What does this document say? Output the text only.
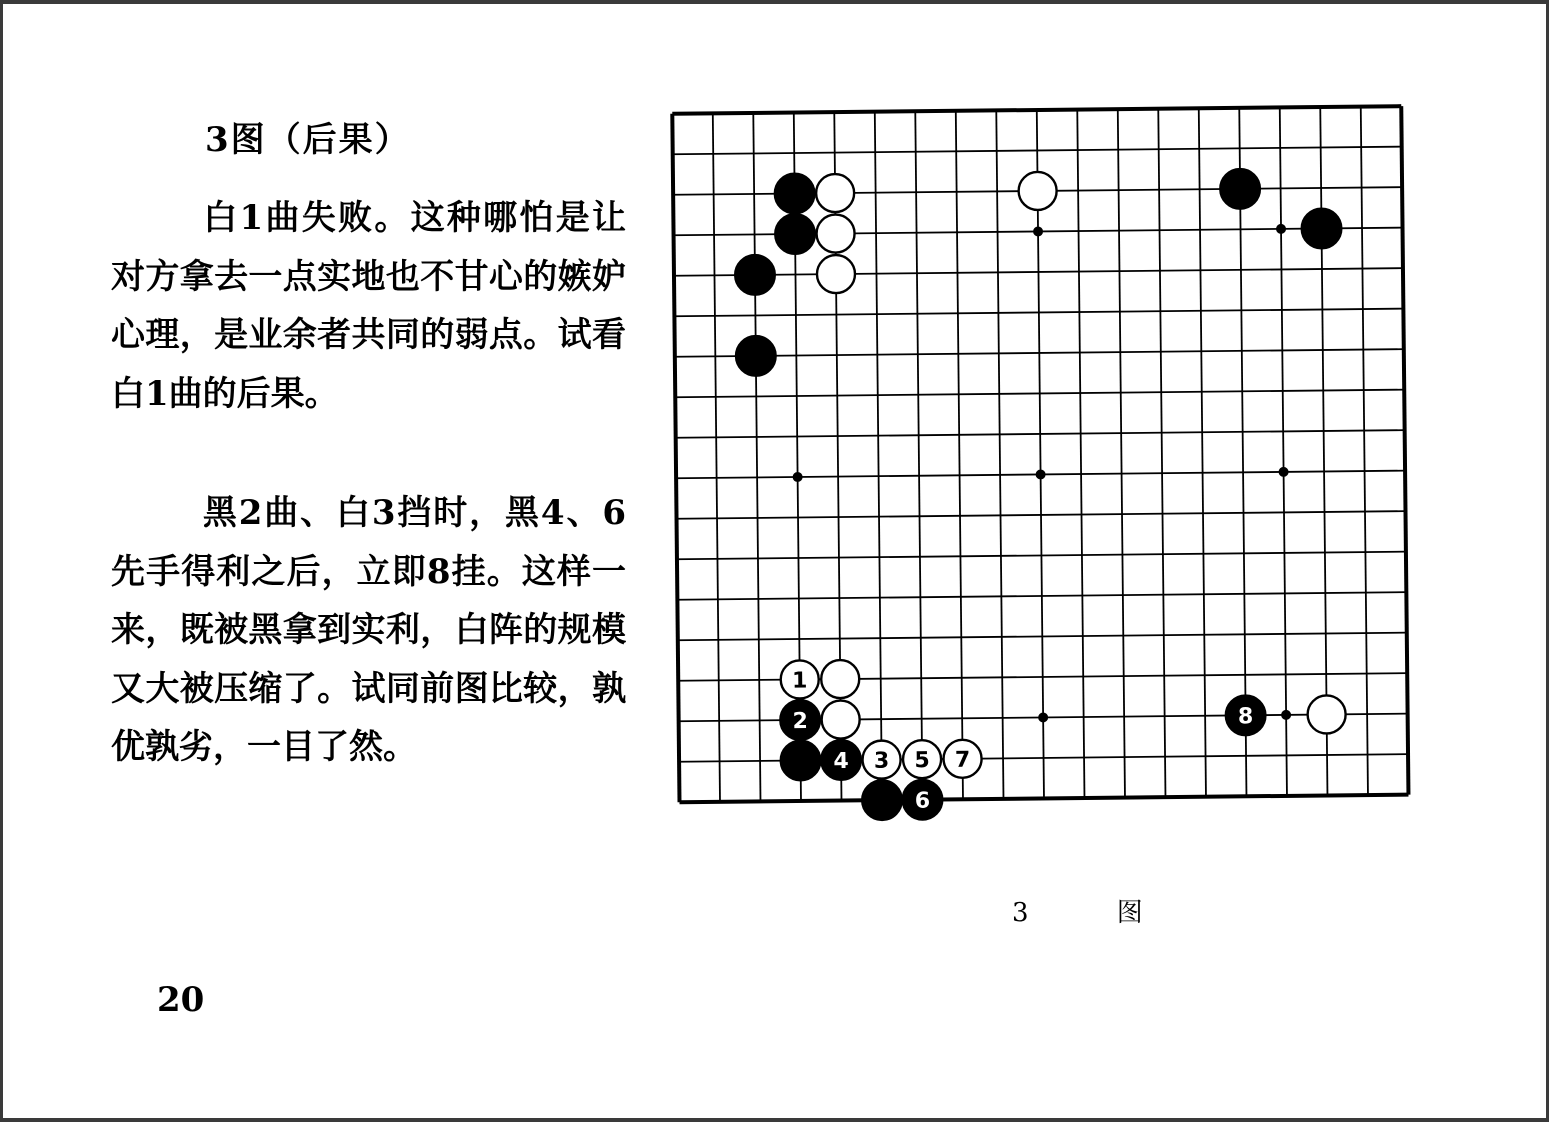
3图（后果）

白1曲失败。这种哪怕是让对方拿去一点实地也不甘心的嫉妒心理，是业余者共同的弱点。试看白1曲的后果。

黑2曲、白3挡时，黑4、6先手得利之后，立即8挂。这样一来，既被黑拿到实利，白阵的规模又大被压缩了。试同前图比较，孰优孰劣，一目了然。

20
1
2
4 3 5 7
6
8
3 图
